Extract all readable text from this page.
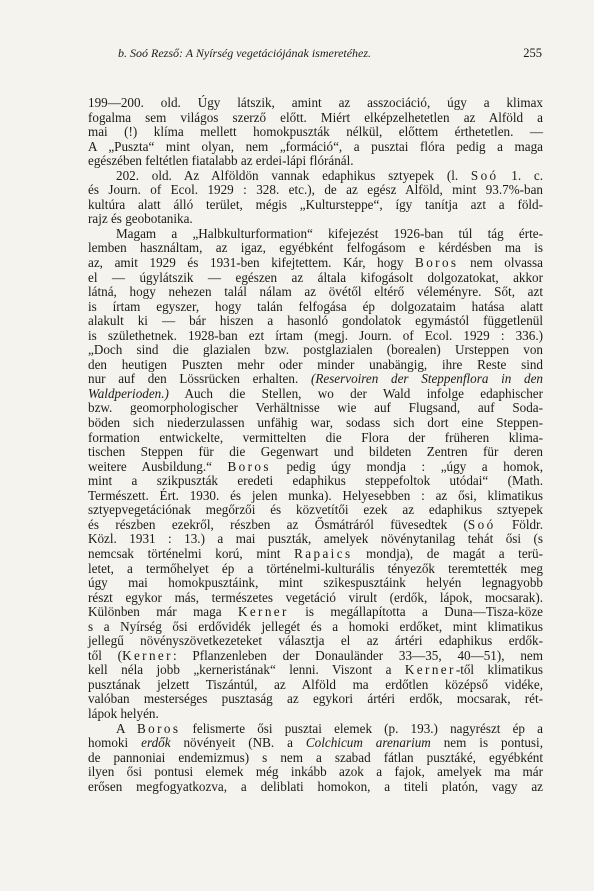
b. Soó Rezső: A Nyírség vegetációjának ismeretéhez.	255
199—200. old. Úgy látszik, amint az asszociáció, úgy a klimax
fogalma sem világos szerző előtt. Miért elképzelhetetlen az Alföld a
mai (!) klíma mellett homokpuszták nélkül, előttem érthetetlen. —
A „Puszta“ mint olyan, nem „formáció“, a pusztai flóra pedig a maga
egészében feltétlen fiatalabb az erdei-lápi flóránál.
202. old. Az Alföldön vannak edaphikus sztyepek (l. Soó 1. c.
és Journ. of Ecol. 1929 : 328. etc.), de az egész Alföld, mint 93.7%-ban
kultúra alatt álló terület, mégis „Kultursteppe“, így tanítja azt a föld-
rajz és geobotanika.
Magam a „Halbkulturformation“ kifejezést 1926-ban túl tág érte-
lemben használtam, az igaz, egyébként felfogásom e kérdésben ma is
az, amit 1929 és 1931-ben kifejtettem. Kár, hogy Boros nem olvassa
el — úgylátszik — egészen az általa kifogásolt dolgozatokat, akkor
látná, hogy nehezen talál nálam az övétől eltérő véleményre. Sőt, azt
is írtam egyszer, hogy talán felfogása ép dolgozataim hatása alatt
alakult ki — bár hiszen a hasonló gondolatok egymástól függetlenül
is születhetnek. 1928-ban ezt írtam (megj. Journ. of Ecol. 1929 : 336.)
„Doch sind die glazialen bzw. postglazialen (borealen) Ursteppen von
den heutigen Puszten mehr oder minder unabängig, ihre Reste sind
nur auf den Lössrücken erhalten. (Reservoiren der Steppenflora in den
Waldperioden.) Auch die Stellen, wo der Wald infolge edaphischer
bzw. geomorphologischer Verhältnisse wie auf Flugsand, auf Soda-
böden sich niederzulassen unfähig war, sodass sich dort eine Steppen-
formation entwickelte, vermittelten die Flora der früheren klima-
tischen Steppen für die Gegenwart und bildeten Zentren für deren
weitere Ausbildung.“ Boros pedig úgy mondja : „úgy a homok,
mint a szikpuszták eredeti edaphikus steppefoltok utódai“ (Math.
Természett. Ért. 1930. és jelen munka). Helyesebben : az ősi, klimatikus
sztyepvegetációnak megőrzői és közvetítői ezek az edaphikus sztyepek
és részben ezekről, részben az Ősmátráról füvesedtek (Soó Földr.
Közl. 1931 : 13.) a mai puszták, amelyek növénytanilag tehát ősi (s
nemcsak történelmi korú, mint Rapaics mondja), de magát a terü-
letet, a termőhelyet ép a történelmi-kulturális tényezők teremtették meg
úgy mai homokpusztáink, mint szikespusztáink helyén legnagyobb
részt egykor más, természetes vegetáció virult (erdők, lápok, mocsarak).
Különben már maga Kerner is megállapította a Duna—Tisza-köze
s a Nyírség ősi erdővidék jellegét és a homoki erdőket, mint klimatikus
jellegű növényszövetkezeteket választja el az ártéri edaphikus erdők-
től (Kerner: Pflanzenleben der Donauländer 33—35, 40—51), nem
kell néla jobb „kerneristának“ lenni. Viszont a Kerner-től klimatikus
pusztának jelzett Tiszántúl, az Alföld ma erdőtlen középső vidéke,
valóban mesterséges pusztaság az egykori ártéri erdők, mocsarak, rét-
lápok helyén.
A Boros felismerte ősi pusztai elemek (p. 193.) nagyrészt ép a
homoki erdők növényeit (NB. a Colchicum arenarium nem is pontusi,
de pannoniai endemizmus) s nem a szabad fátlan pusztáké, egyébként
ilyen ősi pontusi elemek még inkább azok a fajok, amelyek ma már
erősen megfogyatkozva, a deliblati homokon, a titeli platón, vagy az
